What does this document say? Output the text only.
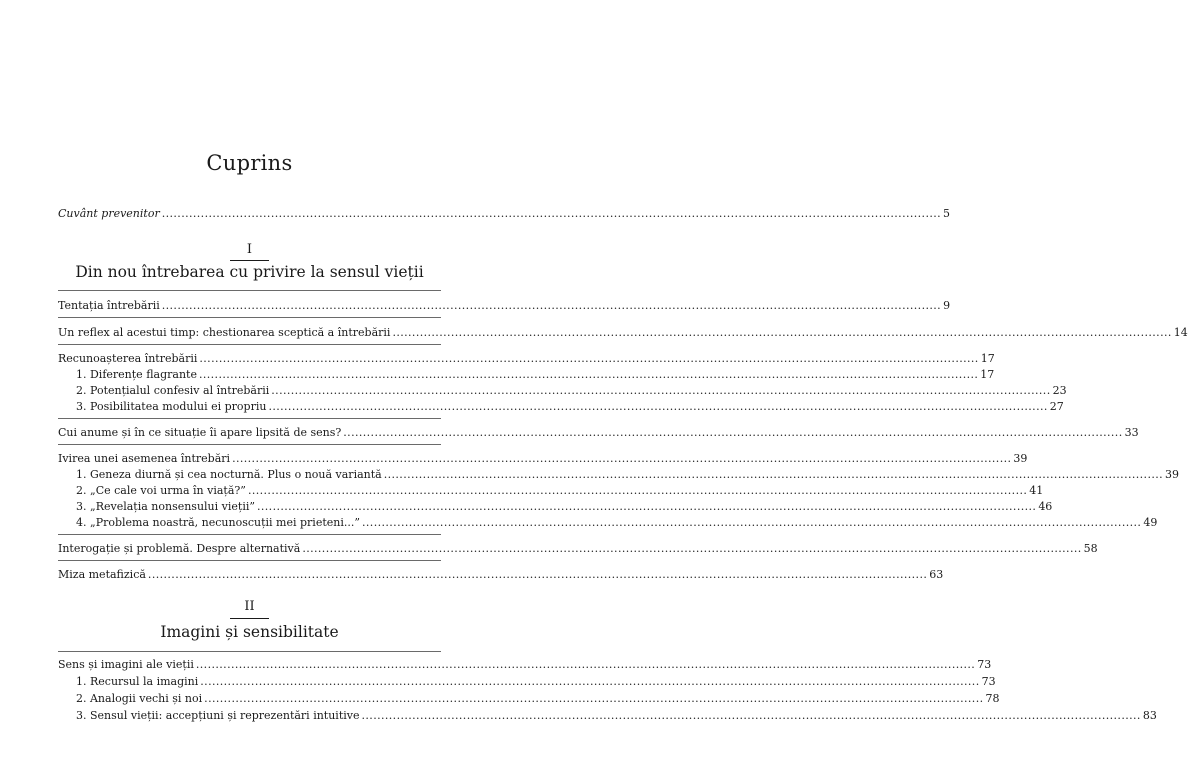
Cuprins
Cuvânt prevenitor ........................................................................................................................................................................................................ 5
I
Din nou întrebarea cu privire la sensul vieții
Tentația întrebării ........................................................................................................................................................................................................ 9
Un reflex al acestui timp: chestionarea sceptică a întrebării ........................................................................................................................................................................................................ 14
Recunoașterea întrebării ........................................................................................................................................................................................................ 17
1. Diferențe flagrante ........................................................................................................................................................................................................ 17
2. Potențialul confesiv al întrebării ........................................................................................................................................................................................................ 23
3. Posibilitatea modului ei propriu ........................................................................................................................................................................................................ 27
Cui anume și în ce situație îi apare lipsită de sens? ........................................................................................................................................................................................................ 33
Ivirea unei asemenea întrebări ........................................................................................................................................................................................................ 39
1. Geneza diurnă și cea nocturnă. Plus o nouă variantă ........................................................................................................................................................................................................ 39
2. „Ce cale voi urma în viață?” ........................................................................................................................................................................................................ 41
3. „Revelația nonsensului vieții” ........................................................................................................................................................................................................ 46
4. „Problema noastră, necunoscuții mei prieteni...” ........................................................................................................................................................................................................ 49
Interogație și problemă. Despre alternativă ........................................................................................................................................................................................................ 58
Miza metafizică ........................................................................................................................................................................................................ 63
II
Imagini și sensibilitate
Sens și imagini ale vieții ........................................................................................................................................................................................................ 73
1. Recursul la imagini ........................................................................................................................................................................................................ 73
2. Analogii vechi și noi ........................................................................................................................................................................................................ 78
3. Sensul vieții: accepțiuni și reprezentări intuitive ........................................................................................................................................................................................................ 83
